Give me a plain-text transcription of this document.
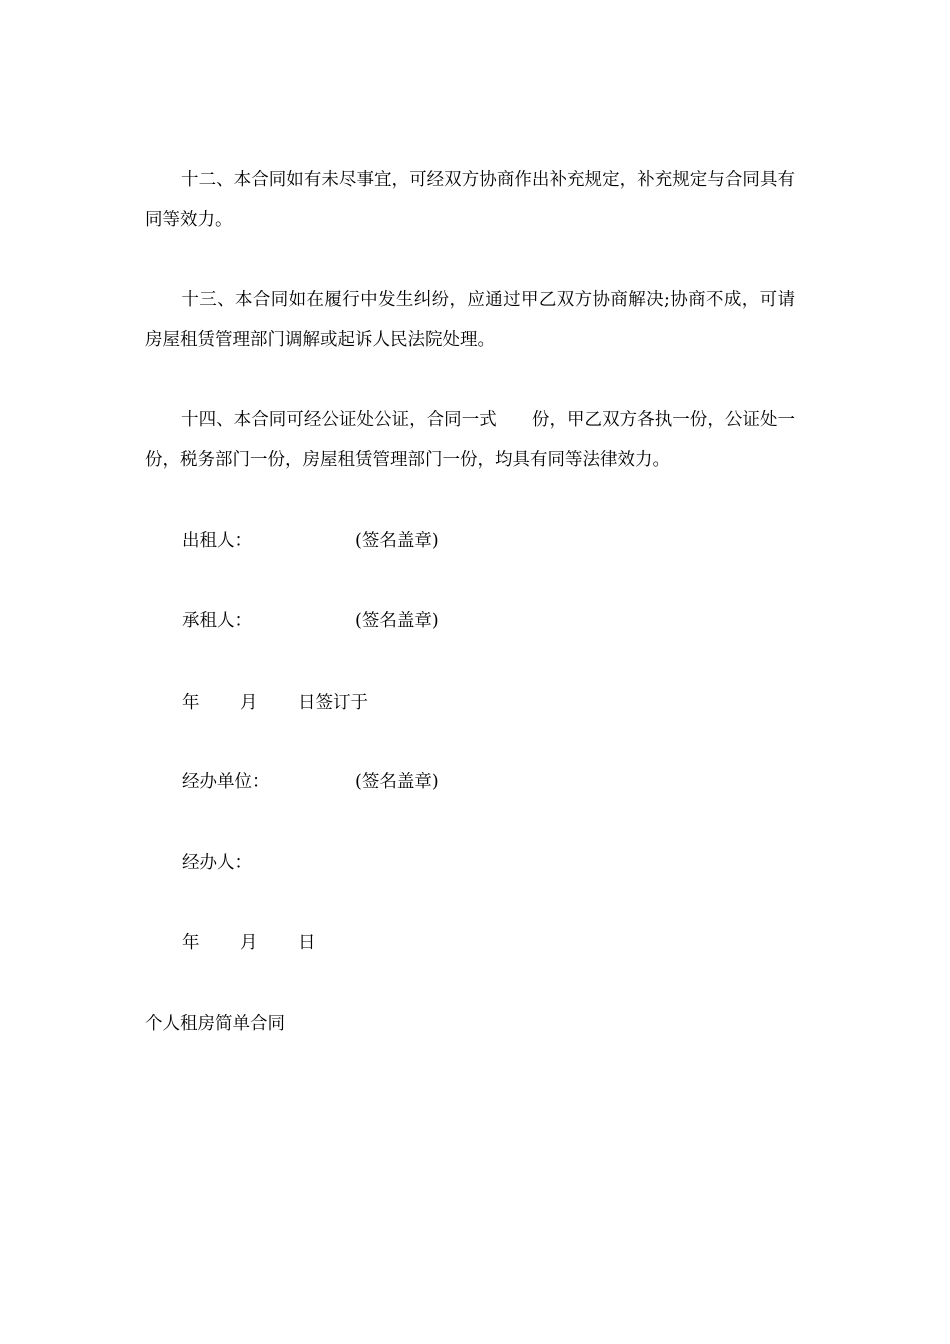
十二、本合同如有未尽事宜，可经双方协商作出补充规定，补充规定与合同具有同等效力。

十三、本合同如在履行中发生纠纷，应通过甲乙双方协商解决;协商不成，可请房屋租赁管理部门调解或起诉人民法院处理。

十四、本合同可经公证处公证，合同一式　　份，甲乙双方各执一份，公证处一份，税务部门一份，房屋租赁管理部门一份，均具有同等法律效力。

出租人：	(签名盖章)
承租人：	(签名盖章)
年 月 日签订于
经办单位：	(签名盖章)
经办人：
年 月 日
个人租房简单合同
